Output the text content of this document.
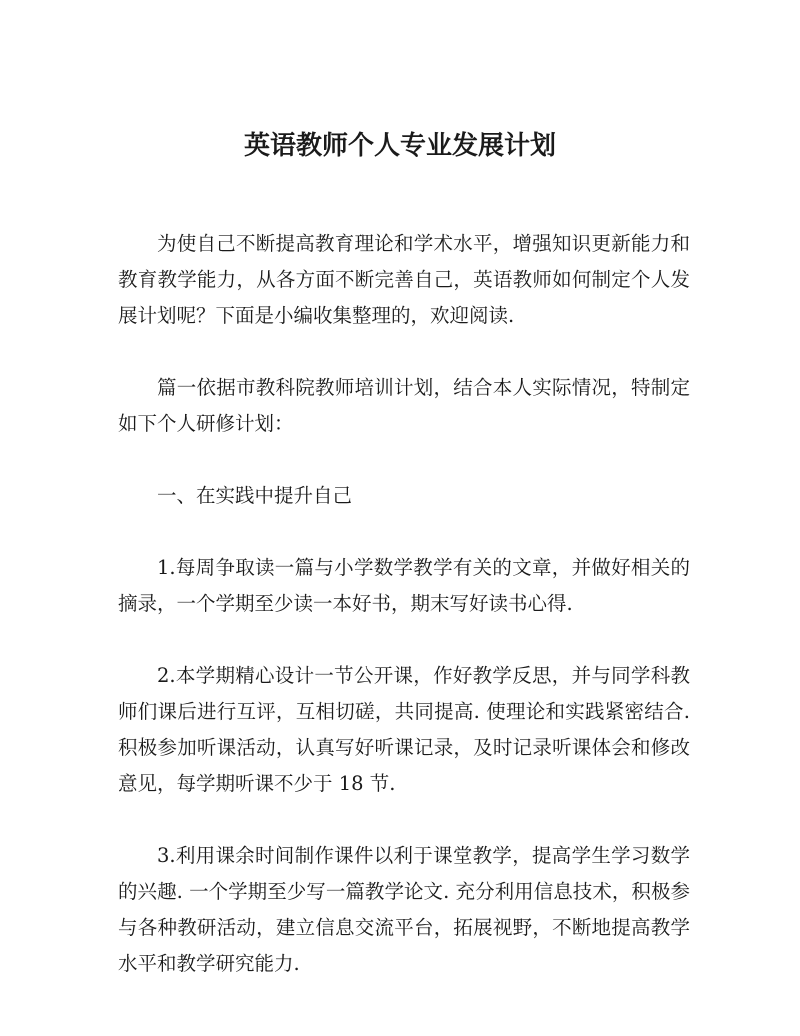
英语教师个人专业发展计划

为使自己不断提高教育理论和学术水平，增强知识更新能力和教育教学能力，从各方面不断完善自己，英语教师如何制定个人发展计划呢？下面是小编收集整理的，欢迎阅读.

篇一依据市教科院教师培训计划，结合本人实际情况，特制定如下个人研修计划：

一、在实践中提升自己

1.每周争取读一篇与小学数学教学有关的文章，并做好相关的摘录，一个学期至少读一本好书，期末写好读书心得.

2.本学期精心设计一节公开课，作好教学反思，并与同学科教师们课后进行互评，互相切磋，共同提高. 使理论和实践紧密结合. 积极参加听课活动，认真写好听课记录，及时记录听课体会和修改意见，每学期听课不少于 18 节.

3.利用课余时间制作课件以利于课堂教学，提高学生学习数学的兴趣. 一个学期至少写一篇教学论文. 充分利用信息技术，积极参与各种教研活动，建立信息交流平台，拓展视野，不断地提高教学水平和教学研究能力.
